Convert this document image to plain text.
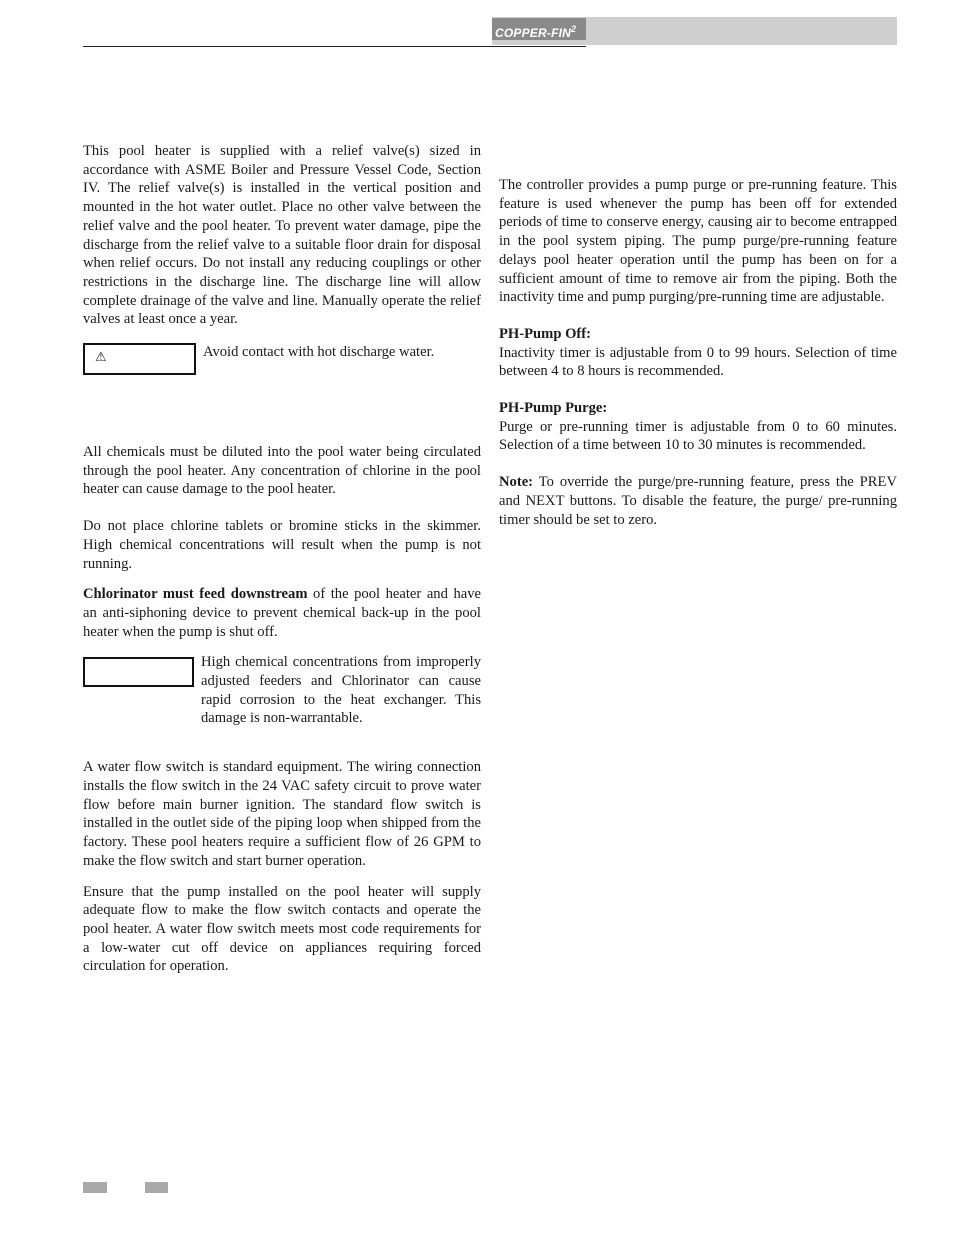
COPPER-FIN$^2$

This pool heater is supplied with a relief valve(s) sized in accordance with ASME Boiler and Pressure Vessel Code, Section IV. The relief valve(s) is installed in the vertical position and mounted in the hot water outlet. Place no other valve between the relief valve and the pool heater. To prevent water damage, pipe the discharge from the relief valve to a suitable floor drain for disposal when relief occurs. Do not install any reducing couplings or other restrictions in the discharge line. The discharge line will allow complete drainage of the valve and line. Manually operate the relief valves at least once a year.

⚠	Avoid contact with hot discharge water.

All chemicals must be diluted into the pool water being circulated through the pool heater. Any concentration of chlorine in the pool heater can cause damage to the pool heater.

Do not place chlorine tablets or bromine sticks in the skimmer. High chemical concentrations will result when the pump is not running.

Chlorinator must feed downstream of the pool heater and have an anti-siphoning device to prevent chemical back-up in the pool heater when the pump is shut off.

High chemical concentrations from improperly adjusted feeders and Chlorinator can cause rapid corrosion to the heat exchanger. This damage is non-warrantable.

A water flow switch is standard equipment. The wiring connection installs the flow switch in the 24 VAC safety circuit to prove water flow before main burner ignition. The standard flow switch is installed in the outlet side of the piping loop when shipped from the factory. These pool heaters require a sufficient flow of 26 GPM to make the flow switch and start burner operation.

Ensure that the pump installed on the pool heater will supply adequate flow to make the flow switch contacts and operate the pool heater. A water flow switch meets most code requirements for a low-water cut off device on appliances requiring forced circulation for operation.

The controller provides a pump purge or pre-running feature. This feature is used whenever the pump has been off for extended periods of time to conserve energy, causing air to become entrapped in the pool system piping. The pump purge/pre-running feature delays pool heater operation until the pump has been on for a sufficient amount of time to remove air from the piping. Both the inactivity time and pump purging/pre-running time are adjustable.

PH-Pump Off:

Inactivity timer is adjustable from 0 to 99 hours. Selection of time between 4 to 8 hours is recommended.

PH-Pump Purge:

Purge or pre-running timer is adjustable from 0 to 60 minutes. Selection of a time between 10 to 30 minutes is recommended.

Note: To override the purge/pre-running feature, press the PREV and NEXT buttons. To disable the feature, the purge/ pre-running timer should be set to zero.
